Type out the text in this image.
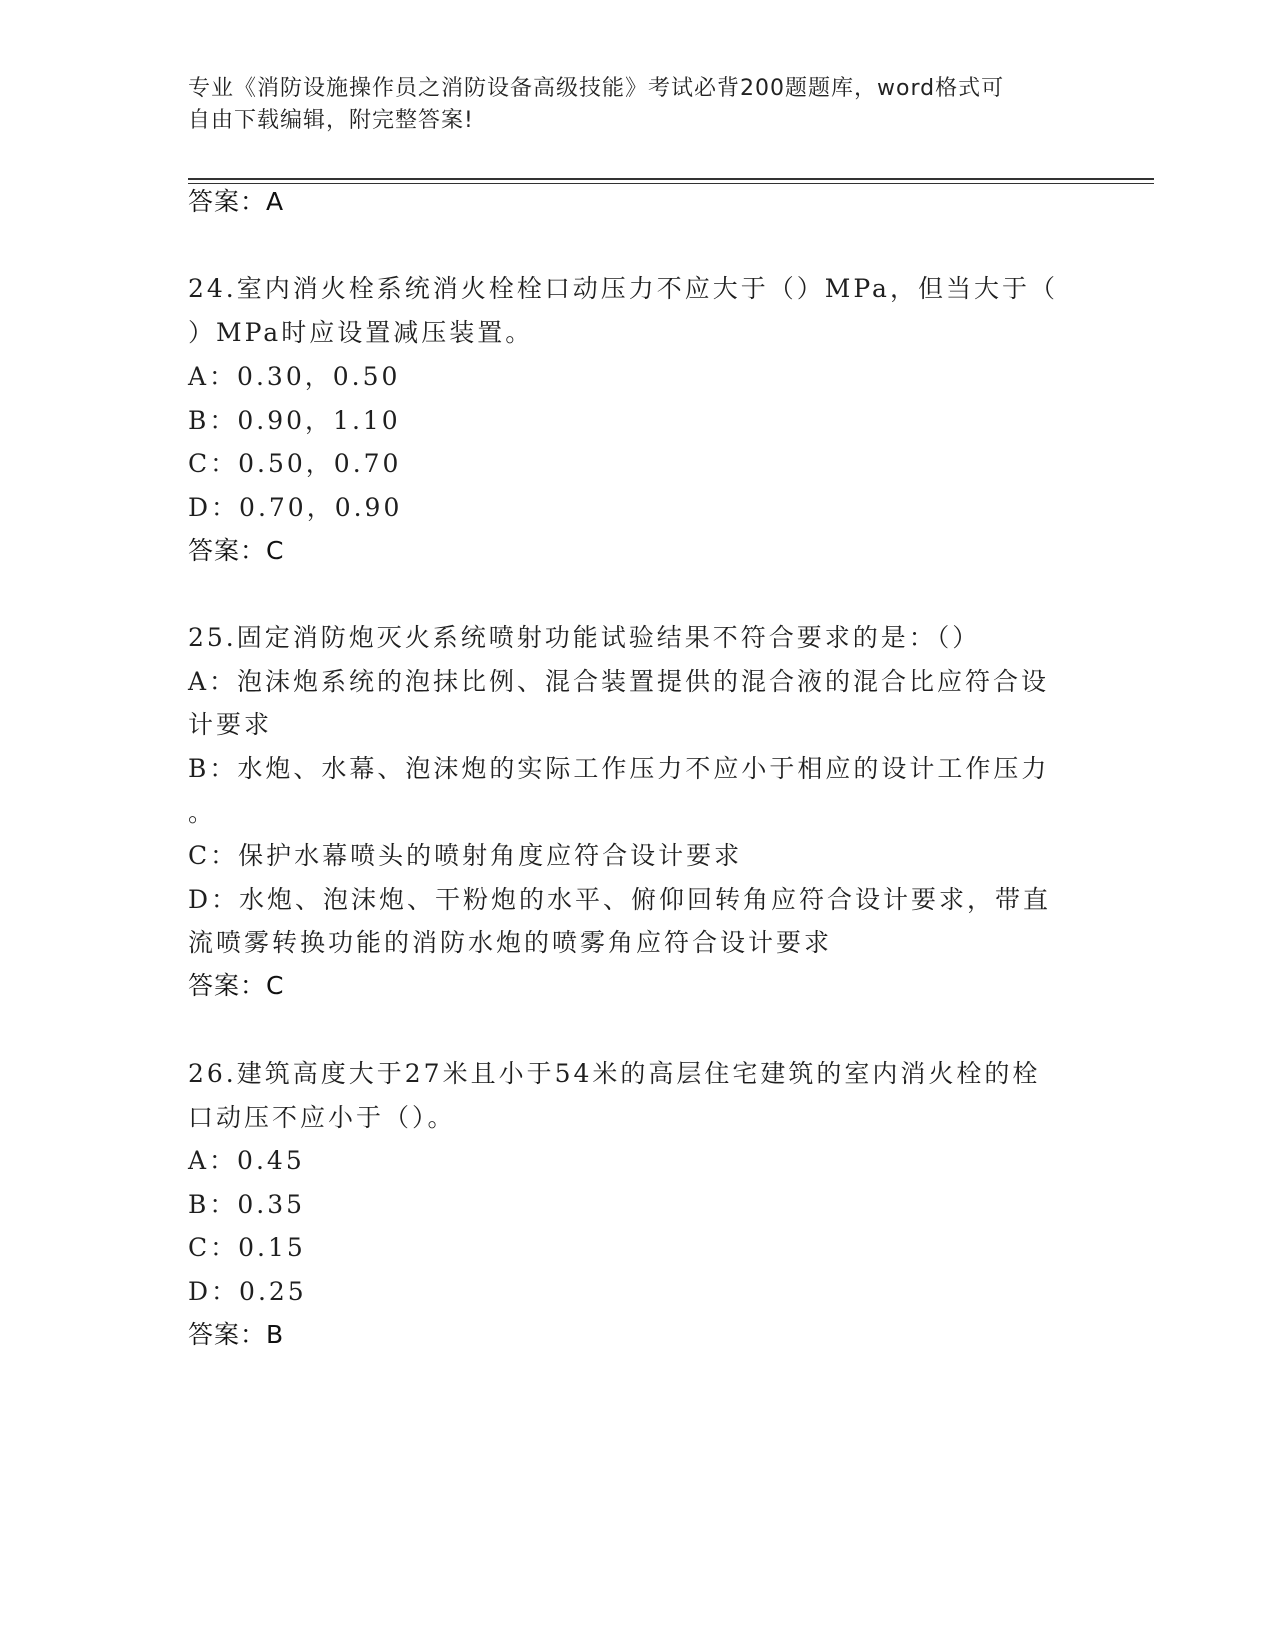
专业《消防设施操作员之消防设备高级技能》考试必背200题题库，word格式可
自由下载编辑，附完整答案!
答案：A
24.室内消火栓系统消火栓栓口动压力不应大于（）MPa，但当大于（
）MPa时应设置减压装置。
A：0.30，0.50
B：0.90，1.10
C：0.50，0.70
D：0.70，0.90
答案：C
25.固定消防炮灭火系统喷射功能试验结果不符合要求的是：（）
A：泡沫炮系统的泡抹比例、混合装置提供的混合液的混合比应符合设
计要求
B：水炮、水幕、泡沫炮的实际工作压力不应小于相应的设计工作压力
。
C：保护水幕喷头的喷射角度应符合设计要求
D：水炮、泡沫炮、干粉炮的水平、俯仰回转角应符合设计要求，带直
流喷雾转换功能的消防水炮的喷雾角应符合设计要求
答案：C
26.建筑高度大于27米且小于54米的高层住宅建筑的室内消火栓的栓
口动压不应小于（）。
A：0.45
B：0.35
C：0.15
D：0.25
答案：B
